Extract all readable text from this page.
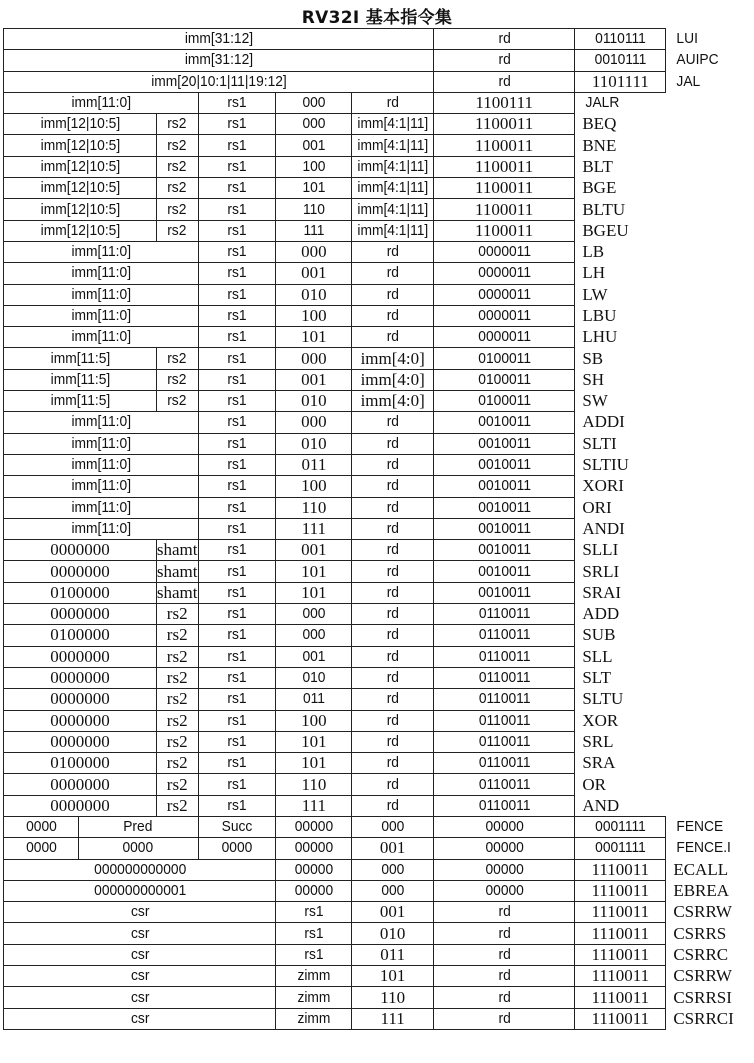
RV32I 基本指令集
imm[31:12]						rd	0110111	LUI
imm[31:12]						rd	0010111	AUIPC
imm[20|10:1|11|19:12]						rd	1101111	JAL
imm[11:0]			rs1	000	rd	1100111	JALR	
imm[12|10:5]		rs2	rs1	000	imm[4:1|11]	1100011	BEQ	
imm[12|10:5]		rs2	rs1	001	imm[4:1|11]	1100011	BNE	
imm[12|10:5]		rs2	rs1	100	imm[4:1|11]	1100011	BLT	
imm[12|10:5]		rs2	rs1	101	imm[4:1|11]	1100011	BGE	
imm[12|10:5]		rs2	rs1	110	imm[4:1|11]	1100011	BLTU	
imm[12|10:5]		rs2	rs1	111	imm[4:1|11]	1100011	BGEU	
imm[11:0]			rs1	000	rd	0000011	LB	
imm[11:0]			rs1	001	rd	0000011	LH	
imm[11:0]			rs1	010	rd	0000011	LW	
imm[11:0]			rs1	100	rd	0000011	LBU	
imm[11:0]			rs1	101	rd	0000011	LHU	
imm[11:5]		rs2	rs1	000	imm[4:0]	0100011	SB	
imm[11:5]		rs2	rs1	001	imm[4:0]	0100011	SH	
imm[11:5]		rs2	rs1	010	imm[4:0]	0100011	SW	
imm[11:0]			rs1	000	rd	0010011	ADDI	
imm[11:0]			rs1	010	rd	0010011	SLTI	
imm[11:0]			rs1	011	rd	0010011	SLTIU	
imm[11:0]			rs1	100	rd	0010011	XORI	
imm[11:0]			rs1	110	rd	0010011	ORI	
imm[11:0]			rs1	111	rd	0010011	ANDI	
0000000		shamt	rs1	001	rd	0010011	SLLI	
0000000		shamt	rs1	101	rd	0010011	SRLI	
0100000		shamt	rs1	101	rd	0010011	SRAI	
0000000		rs2	rs1	000	rd	0110011	ADD	
0100000		rs2	rs1	000	rd	0110011	SUB	
0000000		rs2	rs1	001	rd	0110011	SLL	
0000000		rs2	rs1	010	rd	0110011	SLT	
0000000		rs2	rs1	011	rd	0110011	SLTU	
0000000		rs2	rs1	100	rd	0110011	XOR	
0000000		rs2	rs1	101	rd	0110011	SRL	
0100000		rs2	rs1	101	rd	0110011	SRA	
0000000		rs2	rs1	110	rd	0110011	OR	
0000000		rs2	rs1	111	rd	0110011	AND	
0000	Pred		Succ	00000	000	00000	0001111	FENCE
0000	0000		0000	00000	001	00000	0001111	FENCE.I
000000000000				00000	000	00000	1110011	ECALL
000000000001				00000	000	00000	1110011	EBREA
csr				rs1	001	rd	1110011	CSRRW
csr				rs1	010	rd	1110011	CSRRS
csr				rs1	011	rd	1110011	CSRRC
csr				zimm	101	rd	1110011	CSRRW
csr				zimm	110	rd	1110011	CSRRSI
csr				zimm	111	rd	1110011	CSRRCI
